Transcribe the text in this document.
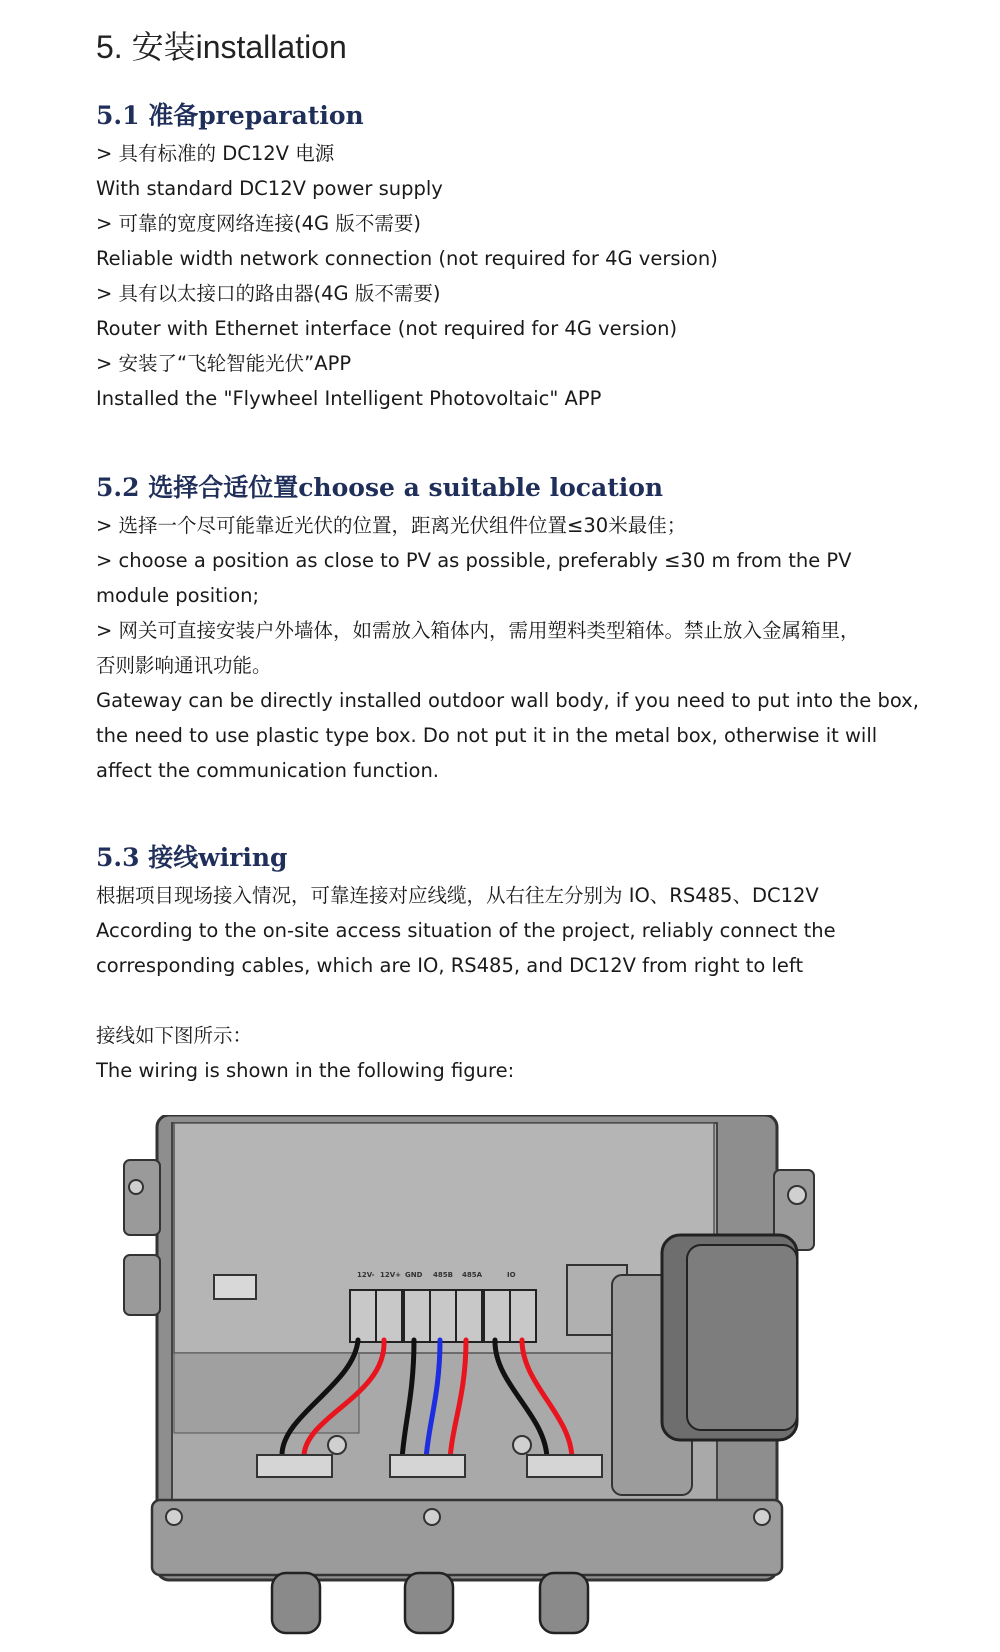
5. 安装installation
5.1 准备preparation

> 具有标准的 DC12V 电源

With standard DC12V power supply

> 可靠的宽度网络连接(4G 版不需要)

Reliable width network connection (not required for 4G version)

> 具有以太接口的路由器(4G 版不需要)

Router with Ethernet interface (not required for 4G version)

> 安装了“飞轮智能光伏”APP

Installed the "Flywheel Intelligent Photovoltaic" APP

5.2 选择合适位置choose a suitable location

> 选择一个尽可能靠近光伏的位置，距离光伏组件位置≤30米最佳；

> choose a position as close to PV as possible, preferably ≤30 m from the PV

module position;

> 网关可直接安装户外墙体，如需放入箱体内，需用塑料类型箱体。禁止放入金属箱里，

否则影响通讯功能。

Gateway can be directly installed outdoor wall body, if you need to put into the box,

the need to use plastic type box. Do not put it in the metal box, otherwise it will

affect the communication function.

5.3 接线wiring

根据项目现场接入情况，可靠连接对应线缆，从右往左分别为 IO、RS485、DC12V

According to the on-site access situation of the project, reliably connect the

corresponding cables, which are IO, RS485, and DC12V from right to left

接线如下图所示：

The wiring is shown in the following figure:

12V- 12V+ GND 485B 485A	IO
